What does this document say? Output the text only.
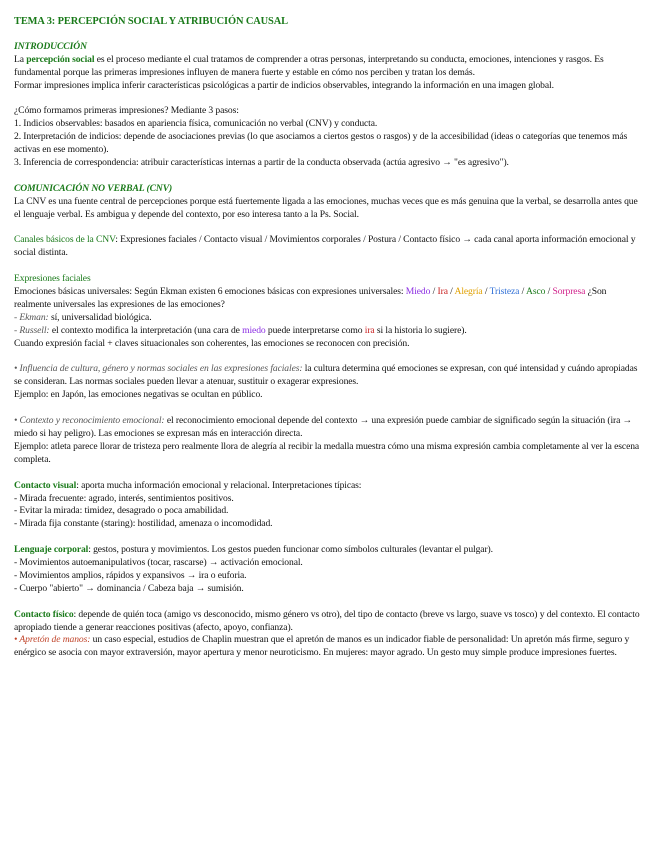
TEMA 3: PERCEPCIÓN SOCIAL Y ATRIBUCIÓN CAUSAL

INTRODUCCIÓN

La percepción social es el proceso mediante el cual tratamos de comprender a otras personas, interpretando su conducta, emociones, intenciones y rasgos. Es fundamental porque las primeras impresiones influyen de manera fuerte y estable en cómo nos perciben y tratan los demás.

Formar impresiones implica inferir características psicológicas a partir de indicios observables, integrando la información en una imagen global.

¿Cómo formamos primeras impresiones? Mediante 3 pasos:

1. Indicios observables: basados en apariencia física, comunicación no verbal (CNV) y conducta.

2. Interpretación de indicios: depende de asociaciones previas (lo que asociamos a ciertos gestos o rasgos) y de la accesibilidad (ideas o categorías que tenemos más activas en ese momento).

3. Inferencia de correspondencia: atribuir características internas a partir de la conducta observada (actúa agresivo → "es agresivo").

COMUNICACIÓN NO VERBAL (CNV)

La CNV es una fuente central de percepciones porque está fuertemente ligada a las emociones, muchas veces que es más genuina que la verbal, se desarrolla antes que el lenguaje verbal. Es ambigua y depende del contexto, por eso interesa tanto a la Ps. Social.

Canales básicos de la CNV: Expresiones faciales / Contacto visual / Movimientos corporales / Postura / Contacto físico → cada canal aporta información emocional y social distinta.

Expresiones faciales

Emociones básicas universales: Según Ekman existen 6 emociones básicas con expresiones universales: Miedo / Ira / Alegría / Tristeza / Asco / Sorpresa ¿Son realmente universales las expresiones de las emociones?

- Ekman: sí, universalidad biológica.

- Russell: el contexto modifica la interpretación (una cara de miedo puede interpretarse como ira si la historia lo sugiere).

Cuando expresión facial + claves situacionales son coherentes, las emociones se reconocen con precisión.

• Influencia de cultura, género y normas sociales en las expresiones faciales: la cultura determina qué emociones se expresan, con qué intensidad y cuándo apropiadas se consideran. Las normas sociales pueden llevar a atenuar, sustituir o exagerar expresiones.

Ejemplo: en Japón, las emociones negativas se ocultan en público.

• Contexto y reconocimiento emocional: el reconocimiento emocional depende del contexto → una expresión puede cambiar de significado según la situación (ira → miedo si hay peligro). Las emociones se expresan más en interacción directa.

Ejemplo: atleta parece llorar de tristeza pero realmente llora de alegría al recibir la medalla muestra cómo una misma expresión cambia completamente al ver la escena completa.

Contacto visual: aporta mucha información emocional y relacional. Interpretaciones típicas:

- Mirada frecuente: agrado, interés, sentimientos positivos.

- Evitar la mirada: timidez, desagrado o poca amabilidad.

- Mirada fija constante (staring): hostilidad, amenaza o incomodidad.

Lenguaje corporal: gestos, postura y movimientos. Los gestos pueden funcionar como símbolos culturales (levantar el pulgar).

- Movimientos autoemanipulativos (tocar, rascarse) → activación emocional.

- Movimientos amplios, rápidos y expansivos → ira o euforia.

- Cuerpo "abierto" → dominancia / Cabeza baja → sumisión.

Contacto físico: depende de quién toca (amigo vs desconocido, mismo género vs otro), del tipo de contacto (breve vs largo, suave vs tosco) y del contexto. El contacto apropiado tiende a generar reacciones positivas (afecto, apoyo, confianza).

• Apretón de manos: un caso especial, estudios de Chaplin muestran que el apretón de manos es un indicador fiable de personalidad: Un apretón más firme, seguro y enérgico se asocia con mayor extraversión, mayor apertura y menor neuroticismo. En mujeres: mayor agrado. Un gesto muy simple produce impresiones fuertes.
